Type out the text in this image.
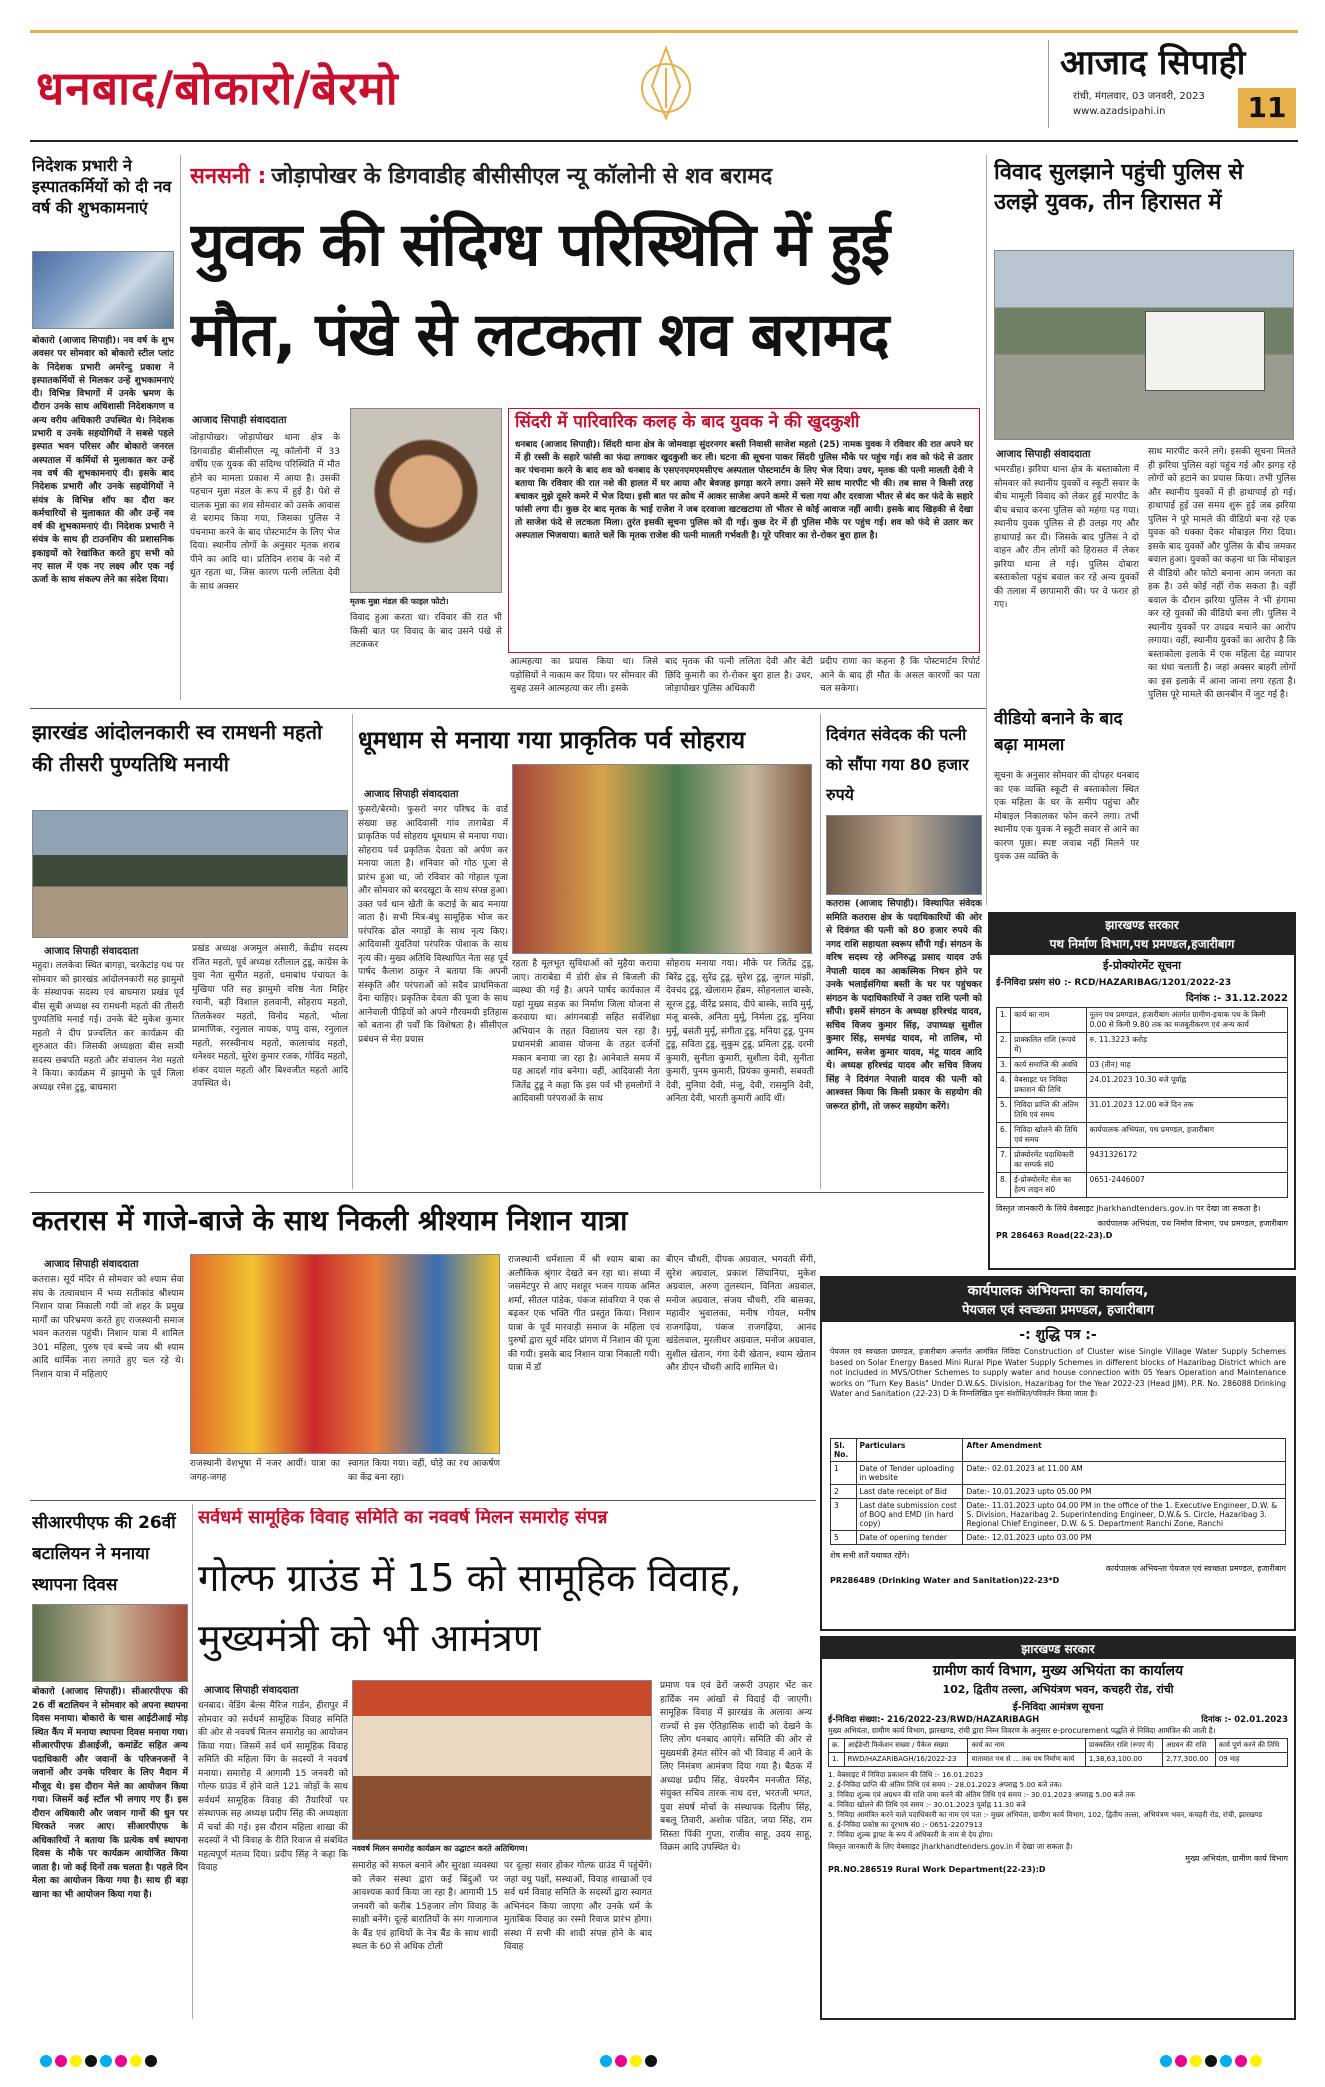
धनबाद/बोकारो/बेरमो	आजाद सिपाही
रांची, मंगलवार, 03 जनवरी, 2023
www.azadsipahi.in	11
निदेशक प्रभारी ने इस्पातकर्मियों को दी नव वर्ष की शुभकामनाएं
बोकारो (आजाद सिपाही)। नव वर्ष के शुभ अवसर पर सोमवार को बोकारो स्टील प्लांट के निदेशक प्रभारी अमरेन्दु प्रकाश ने इस्पातकर्मियों से मिलकर उन्हें शुभकामनाएं दी। विभिन्न विभागों में उनके भ्रमण के दौरान उनके साथ अधिशासी निदेशकगण व अन्य वरीय अधिकारी उपस्थित थे। निदेशक प्रभारी व उनके सहयोगियों ने सबसे पहले इस्पात भवन परिसर और बोकारो जनरल अस्पताल में कर्मियों से मुलाकात कर उन्हें नव वर्ष की शुभकामनाएं दी। इसके बाद निदेशक प्रभारी और उनके सहयोगियों ने संयंत्र के विभिन्न शॉप का दौरा कर कर्मचारियों से मुलाकात की और उन्हें नव वर्ष की शुभकामनाएं दी। निदेशक प्रभारी ने संयंत्र के साथ ही टाउनशिप की प्रशासनिक इकाइयों को रेखांकित करते हुए सभी को नए साल में एक नए लक्ष्य और एक नई ऊर्जा के साथ संकल्प लेने का संदेश दिया।
सनसनी : जोड़ापोखर के डिगवाडीह बीसीसीएल न्यू कॉलोनी से शव बरामद
युवक की संदिग्ध परिस्थिति में हुई मौत, पंखे से लटकता शव बरामद
आजाद सिपाही संवाददाता
जोड़ापोखर। जोड़ापोखर थाना क्षेत्र के डिगवाडीह बीसीसीएल न्यू कॉलोनी में 33 वर्षीय एक युवक की संदिग्ध परिस्थिति में मौत होने का मामला प्रकाश में आया है। उसकी पहचान मुन्ना मंडल के रूप में हुई है। पेशे से चालक मुन्ना का शव सोमवार को उसके आवास से बरामद किया गया, जिसका पुलिस ने पंचनामा करने के बाद पोस्टमार्टम के लिए भेज दिया। स्थानीय लोगों के अनुसार मृतक शराब पीने का आदि था। प्रतिदिन शराब के नशे में धुत रहता था, जिस कारण पत्नी ललिता देवी के साथ अक्सर
मृतक मुन्ना मंडल की फाइल फोटो।
विवाद हुआ करता था। रविवार की रात भी किसी बात पर विवाद के बाद उसने पंखे से लटककर
आत्महत्या का प्रयास किया था। जिसे पड़ोसियों ने नाकाम कर दिया। पर सोमवार की सुबह उसने आत्महत्या कर ली। इसके
बाद मृतक की पत्नी ललिता देवी और बेटी छिंदि कुमारी का रो-रोकर बुरा हाल है। उधर, जोड़ापोखर पुलिस अधिकारी
प्रदीप राणा का कहना है कि पोस्टमार्टम रिपोर्ट आने के बाद ही मौत के असल कारणों का पता चल सकेगा।
सिंदरी में पारिवारिक कलह के बाद युवक ने की खुदकुशी
धनबाद (आजाद सिपाही)। सिंदरी थाना क्षेत्र के जोमवाड़ा सुंदरनगर बस्ती निवासी साजेश महतो (25) नामक युवक ने रविवार की रात अपने घर में ही रस्सी के सहारे फांसी का फंदा लगाकर खुदकुशी कर ली। घटना की सूचना पाकर सिंदरी पुलिस मौके पर पहुंच गई। शव को फंदे से उतार कर पंचनामा करने के बाद शव को धनबाद के एसएनएमएमसीएच अस्पताल पोस्टमार्टम के लिए भेज दिया। उधर, मृतक की पत्नी मालती देवी ने बताया कि रविवार की रात नशे की हालत में घर आया और बेवजह झगड़ा करने लगा। उसने मेरे साथ मारपीट भी की। तब सास ने किसी तरह बचाकर मुझे दूसरे कमरे में भेज दिया। इसी बात पर क्रोध में आकर साजेश अपने कमरे में चला गया और दरवाजा भीतर से बंद कर फंदे के सहारे फांसी लगा दी। कुछ देर बाद मृतक के भाई राजेश ने जब दरवाजा खटखटाया तो भीतर से कोई आवाज नहीं आयी। इसके बाद खिड़की से देखा तो साजेश फंदे से लटकता मिला। तुरंत इसकी सूचना पुलिस को दी गई। कुछ देर में ही पुलिस मौके पर पहुंच गई। शव को फंदे से उतार कर अस्पताल भिजवाया। बताते चलें कि मृतक राजेश की पत्नी मालती गर्भवती है। पूरे परिवार का रो-रोकर बुरा हाल है।
विवाद सुलझाने पहुंची पुलिस से उलझे युवक, तीन हिरासत में
आजाद सिपाही संवाददाता
भमरडीह। झरिया थाना क्षेत्र के बस्ताकोला में सोमवार को स्थानीय युवकों व स्कूटी सवार के बीच मामूली विवाद को लेकर हुई मारपीट के बीच बचाव करना पुलिस को महंगा पड़ गया। स्थानीय युवक पुलिस से ही उलझ गए और हाथापाई कर दी। जिसके बाद पुलिस ने दो वाहन और तीन लोगों को हिरासत में लेकर झरिया थाना ले गई। पुलिस दोबारा बस्ताकोला पहुंच बवाल कर रहे अन्य युवकों की तलाश में छापामारी की। पर वे फरार हो गए।
वीडियो बनाने के बाद बढ़ा मामला
सूचना के अनुसार सोमवार की दोपहर धनबाद का एक व्यक्ति स्कूटी से बस्ताकोला स्थित एक महिला के घर के समीप पहुंचा और मोबाइल निकालकर फोन करने लगा। तभी स्थानीय एक युवक ने स्कूटी सवार से आने का कारण पूछा। स्पष्ट जवाब नहीं मिलने पर युवक उस व्यक्ति के
साथ मारपीट करने लगे। इसकी सूचना मिलते ही झरिया पुलिस वहां पहुंच गई और झगड़ रहे लोगों को हटाने का प्रयास किया। तभी पुलिस और स्थानीय युवकों में ही हाथापाई हो गई। हाथापाई हुई उस समय शुरू हुई जब झरिया पुलिस ने पूरे मामले की वीडियो बना रहे एक युवक को धक्का देकर मोबाइल गिरा दिया। इसके बाद युवकों और पुलिस के बीच जमकर बवाल हुआ। युवकों का कहना था कि मोबाइल से वीडियो और फोटो बनाना आम जनता का हक है। उसे कोई नहीं रोक सकता है। वहीं बवाल के दौरान झरिया पुलिस ने भी हंगामा कर रहे युवकों की वीडियो बना ली। पुलिस ने स्थानीय युवकों पर उपद्रव मचाने का आरोप लगाया। वहीं, स्थानीय युवकों का आरोप है कि बस्ताकोला इलाके में एक महिला देह व्यापार का धंधा चलाती है। जहां अक्सर बाहरी लोगों का इस इलाके में आना जाना लगा रहता है। पुलिस पूरे मामले की छानबीन में जुट गई है।
झारखंड आंदोलनकारी स्व रामधनी महतो की तीसरी पुण्यतिथि मनायी
आजाद सिपाही संवाददाता
महुदा। ललकेवा स्थित बागड़ा, चरकेटांड़ पथ पर सोमवार को झारखंड आंदोलनकारी सह झामुमो के संस्थापक सदस्य एवं बाघमारा प्रखंड पूर्व बीस सूत्री अध्यक्ष स्व रामधनी महतो की तीसरी पुण्यतिथि मनाई गई। उनके बेटे मुकेश कुमार महतो ने दीप प्रज्वलित कर कार्यक्रम की शुरुआत की। जिसकी अध्यक्षता बीस सत्र्यी सदस्य छबपति महतो और संचालन नेश महतो ने किया। कार्यक्रम में झामुमो के पूर्व जिला अध्यक्ष रमेश टुडू, बाघमारा
प्रखंड अध्यक्ष अजमुल अंसारी, केंद्रीय सदस्य रंजित महतो, पूर्व अध्यक्ष रतीलाल टुडू, कांग्रेस के युवा नेता सुमीत महतो, धमाबांध पंचायत के मुखिया पति सह झामुमो वरिष्ठ नेता मिहिर रवानी, बड़ी विशाल हलवानी, सोहराय महतो, तिलकेश्वर महतो, विनोद महतो, भोला प्रामाणिक, रनुलाल नायक, पप्पु दास, रनुलाल महतो, सरस्वीनाथ महतो, कालाचांद महतो, धनेश्वर महतो, सुरेश कुमार रजक, गोविंद महतो, शंकर दयाल महतो और बिश्वजीत महतो आदि उपस्थित थे।
धूमधाम से मनाया गया प्राकृतिक पर्व सोहराय
आजाद सिपाही संवाददाता
फुसरो/बेरमो। फुसरो नगर परिषद के वार्ड संख्या छह आदिवासी गांव ताराबेडा में प्राकृतिक पर्व सोहराय धूमधाम से मनाया गया। सोहराय पर्व प्रकृतिक देवता को अर्पण कर मनाया जाता है। शनिवार को गोठ पूजा से प्रारंभ हुआ था, जो रविवार को गोहाल पूजा और सोमवार को बरदखूटा के साथ संपन्न हुआ। उक्त पर्व धान खेती के कटाई के बाद मनाया जाता है। सभी मित्र-बंधु सामूहिक भोज कर परंपरिक ढोल नगाड़ों के साथ नृत्य किए। आदिवासी युवतियां परंपरिक पोशाक के साथ नृत्य की। मुख्य अतिथि विस्थापित नेता सह पूर्व पार्षद कैलाश ठाकुर ने बताया कि अपनी संस्कृति और परंपराओं को सदैव प्राथमिकता देना चाहिए। प्रकृतिक देवता की पूजा के साथ आनेवाली पीढ़ियों को अपने गौरवमयी इतिहास को बताना ही पर्वों कि विशेषता है। सीसीएल प्रबंधन से मेरा प्रयास
रहता है मूलभूत सुविधाओं को मुहैया कराया जाए। ताराबेडा में डोरी क्षेत्र से बिजली की व्यस्था की गई है। अपने पार्षद कार्यकाल में यहां मुख्य सड़क का निर्माण जिला योजना से करवाया था। आंगनबाड़ी सहित सर्वशिक्षा अभियान के तहत विद्यालय चल रहा है। प्रधानमंत्री आवास योजना के तहत दर्जनों मकान बनाया जा रहा है। आनेवाले समय में यह आदर्श गांव बनेगा। वहीं, आदिवासी नेता जितेंद्र टुडू ने कहा कि इस पर्व भी हमलोगों ने आदिवासी परंपराओं के साथ
सोहराय मनाया गया। मौके पर जितेंद्र टुडू, बिरेंद्र टुडू, सुरेंद्र टुडू, सुरेश टुडू, जुगल मांझी, देवचंद टुडू, खेलाराम हेंब्रम, सोहनलाल बास्के, सूरज टुडू, वीरेंद्र प्रसाद, दीपे बास्के, सावि मुर्मू, मंजू बास्के, अनिता मुर्मू, निर्मला टुडू, मुनिया मुर्मू, बसंती मुर्मू, संगीता टुडू, मनिया टुडू, पुनम टुडू, सविता टुडू, सुकुम टुडू, प्रमिला टुडू, दरमी कुमारी, सुनीता कुमारी, सुशीला देवी, सुनीता कुमारी, पुनम कुमारी, प्रियंका कुमारी, सबवती देवी, मुनिया देवी, मंजू, देवी, रासमुनि देवी, अनिता देवी, भारती कुमारी आदि थीं।
दिवंगत संवेदक की पत्नी को सौंपा गया 80 हजार रुपये
कतरास (आजाद सिपाही)। विस्थापित संवेदक समिति कतरास क्षेत्र के पदाधिकारियों की ओर से दिवंगत की पत्नी को 80 हजार रुपये की नगद राशि सहायता स्वरूप सौंपी गई। संगठन के वरिष सदस्य रहे अनिरुद्ध प्रसाद यादव उर्फ नेपाली यादव का आकस्मिक निधन होने पर उनके भलाईसंगिया बस्ती के घर पर पहुंचकर संगठन के पदाधिकारियों ने उक्त राशि पत्नी को सौंपी। इसमें संगठन के अध्यक्ष हरिश्चंद्र यादव, सचिव विजय कुमार सिंह, उपाध्यक्ष सुशील कुमार सिंह, समचंद्र यादव, मो तालिब, मो आमिन, सजेश कुमार यादव, मंटू यादव आदि थे। अध्यक्ष हरिश्चंद्र यादव और सचिव विजय सिंह ने दिवंगत नेपाली यादव की पत्नी को आश्वस्त किया कि किसी प्रकार के सहयोग की जरूरत होगी, तो जरूर सहयोग करेंगे।
झारखण्ड सरकार
पथ निर्माण विभाग,पथ प्रमण्डल,हजारीबाग
ई-प्रोक्योरमेंट सूचना
ई-निविदा प्रसंग सं0 :- RCD/HAZARIBAG/1201/2022-23
दिनांक :- 31.12.2022
1.	कार्य का नाम	नूतन पथ प्रमण्डल, हजारीबाग अंतर्गत ग्रामीण-इचाक पथ के किमी 0.00 से किमी 9.80 तक का मजबूतीकरण एवं अन्य कार्य
2.	प्राक्कलित राशि (रूपये में)	रु. 11.3223 करोड़
3.	कार्य समाप्ति की अवधि	03 (तीन) माह
4.	वेबसाइट पर निविदा प्रकाशन की तिथि	24.01.2023 10.30 बजे पूर्वाह्न
5.	निविदा प्राप्ति की अंतिम तिथि एवं समय	31.01.2023 12.00 बजे दिन तक
6.	निविदा खोलने की तिथि एवं समय	कार्यपालक अभियंता, पथ प्रमण्डल, हजारीबाग
7.	प्रोक्योरमेंट पदाधिकारी का सम्पर्क सं0	9431326172
8.	ई-प्रोक्योरमेंट सेल का हेल्प लाइन सं0	0651-2446007
विस्तृत जानकारी के लिये वेबसाइट jharkhandtenders.gov.in पर देखा जा सकता है।
कार्यपालक अभियंता, पथ निर्माण विभाग, पथ प्रमण्डल, हजारीबाग
PR 286463 Road(22-23).D
कतरास में गाजे-बाजे के साथ निकली श्रीश्याम निशान यात्रा
आजाद सिपाही संवाददाता
कतरास। सूर्य मंदिर से सोमवार को श्याम सेवा संघ के तत्वावधान में भव्य सतीकांड श्रीश्याम निशान यात्रा निकाली गयी जो शहर के प्रमुख मार्गों का परिभ्रमण करते हुए राजस्थानी समाज भवन कतरास पहुंची। निशान यात्रा में शामिल 301 महिला, पुरुष एवं बच्चे जय श्री श्याम आदि धार्मिक नारा लगाते हुए चल रहे थे। निशान यात्रा में महिलाएं
राजस्थानी वेशभूषा में नजर आयीं। यात्रा का जगह-जगह
स्वागत किया गया। वहीं, घोड़े का रथ आकर्षण का केंद्र बना रहा।
राजस्थानी धर्मशाला में श्री श्याम बाबा का अलौकिक श्रृंगार देखते बन रहा था। संध्या में जसमेटपुर से आए मशहूर भजन गायक अमित शर्मा, सीतल पांडेक, पंकज सांवरिया ने एक से बढ़कर एक भक्ति गीत प्रस्तुत किया। निशान यात्रा के पूर्व मारवाड़ी समाज के महिला एवं पुरुषों द्वारा सूर्य मंदिर प्रांगण में निशान की पूजा की गयी। इसके बाद निशान यात्रा निकाली गयी। यात्रा में डॉ
बीएन चौधरी, दीपक अग्रवाल, भगवती सेंगी, सुरेश अग्रवाल, प्रकाश सिंघानिया, मुकेश अग्रवाल, अरुण तुलस्यान, विनिता अग्रवाल, मनोज अग्रवाल, संजय चौधरी, रवि बासका, महावीर भुवालका, मनीष गोयल, मनीष राजगढ़िया, पंकज राजगढ़िया, आनंद खंडेलवाल, मुरलीधर अग्रवाल, मनोज अग्रवाल, सुशील खेतान, गंगा देवी खेतान, श्याम खेतान और डीएन चौधरी आदि शामिल थे।
कार्यपालक अभियन्ता का कार्यालय,
पेयजल एवं स्वच्छता प्रमण्डल, हजारीबाग
-: शुद्धि पत्र :-
पेयजल एवं स्वच्छता प्रमण्डल, हजारीबाग अन्तर्गत आमंत्रित निविदा Construction of Cluster wise Single Village Water Supply Schemes based on Solar Energy Based Mini Rural Pipe Water Supply Schemes in different blocks of Hazaribag District which are not included in MVS/Other Schemes to supply water and house connection with 05 Years Operation and Maintenance works on "Turn Key Basis" Under D.W.&S. Division, Hazaribag for the Year 2022-23 (Head JJM). P.R. No. 286088 Drinking Water and Sanitation (22-23) D के निम्नलिखित पुनः संशोधित/परिवर्तन किया जाता है।
Sl. No.	Particulars	After Amendment
1	Date of Tender uploading in website	Date:- 02.01.2023 at 11.00 AM
2	Last date receipt of Bid	Date:- 10.01.2023 upto 05.00 PM
3	Last date submission cost of BOQ and EMD (in hard copy)	Date:- 11.01.2023 upto 04.00 PM in the office of the 1. Executive Engineer, D.W. & S. Division, Hazaribag 2. Superintending Engineer, D.W.& S. Circle, Hazaribag 3. Regional Chief Engineer, D.W. & S. Department Ranchi Zone, Ranchi
5	Date of opening tender	Date:- 12.01.2023 upto 03.00 PM
शेष सभी शर्तें यथावत रहेंगे।
कार्यपालक अभियन्ता पेयजल एवं स्वच्छता प्रमण्डल, हजारीबाग
PR286489 (Drinking Water and Sanitation)22-23*D
सीआरपीएफ की 26वीं बटालियन ने मनाया स्थापना दिवस
बोकारो (आजाद सिपाही)। सीआरपीएफ की 26 वीं बटालियन ने सोमवार को अपना स्थापना दिवस मनाया। बोकारो के चास आईटीआई मोड़ स्थित कैंप में मनाया स्थापना दिवस मनाया गया। सीआरपीएफ डीआईजी, कमांडेंट सहित अन्य पदाधिकारी और जवानों के परिजनजनों ने जवानों और उनके परिवार के लिए मैदान में मौजूद थे। इस दौरान मेले का आयोजन किया गया। जिसमें कई स्टॉल भी लगाए गए हैं। इस दौरान अधिकारी और जवान गानों की धुन पर थिरकते नजर आए। सीआरपीएफ के अधिकारियों ने बताया कि प्रत्येक वर्ष स्थापना दिवस के मौके पर कार्यक्रम आयोजित किया जाता है। जो कई दिनों तक चलता है। पहले दिन मेला का आयोजन किया गया है। साथ ही बड़ा खाना का भी आयोजन किया गया है।
सर्वधर्म सामूहिक विवाह समिति का नववर्ष मिलन समारोह संपन्न
गोल्फ ग्राउंड में 15 को सामूहिक विवाह, मुख्यमंत्री को भी आमंत्रण
आजाद सिपाही संवाददाता
धनबाद। वेडिंग बेल्स मैरिज गार्डन, हीरापुर में सोमवार को सर्वधर्म सामूहिक विवाह समिति की ओर से नववर्ष मिलन समारोह का आयोजन किया गया। जिसमें सर्व धर्म सामूहिक विवाह समिति की महिला विंग के सदस्यों ने नववर्ष मनाया। समारोह में आगामी 15 जनवरी को गोल्फ ग्राउंड में होने वाले 121 जोड़ों के साथ सर्वधर्म सामूहिक विवाह की तैयारियों पर संस्थापक सह अध्यक्ष प्रदीप सिंह की अध्यक्षता में चर्चा की गई। इस दौरान महिला शाखा की सदस्यों ने भी विवाह के रीति रिवाज से संबंधित महत्वपूर्ण मंतव्य दिया। प्रदीप सिंह ने कहा कि विवाह
नववर्ष मिलन समारोह कार्यक्रम का उद्घाटन करते अतिथिगण।
समारोह को सफल बनाने और सुरक्षा व्यवस्था को लेकर संस्था द्वारा कई बिंदुओं पर आवश्यक कार्य किया जा रहा है। आगामी 15 जनवरी को करीब 15हजार लोग विवाह के साक्षी बनेंगे। दूल्हे बारातियों के संग गाजागाज के बैंड एवं हाथियों के नेत्र बैंड के साथ शादी स्थल के 60 से अधिक टोली
पर दूल्हा सवार होकर गोल्फ ग्राउंड में पहुंचेंगे। जहां वधु पक्षों, सस्थाओं, विवाह शाखाओं एवं सर्व धर्म विवाह समिति के सदस्यों द्वारा स्वागत अभिनंदन किया जाएगा और उनके धर्म के मुताबिक विवाह का रस्मो रिवाज प्रारंभ होगा। संस्था में सभी की शादी संपन्न होने के बाद विवाह
प्रमाण पत्र एवं ढेरों जरूरी उपहार भेंट कर हार्दिक नम आंखों से विदाई दी जाएगी। सामूहिक विवाह में झारखंड के अलावा अन्य राज्यों से इस ऐतिहासिक शादी को देखने के लिए लोग धनबाद आएंगे। समिति की ओर से मुख्यमंत्री हेमंत सोरेन को भी विवाह में आने के लिए निमंत्रण आमंत्रण दिया गया है। बैठक में अध्यक्ष प्रदीप सिंह, चेयरमैन मनजीत सिंह, संयुक्त सचिव तारक नाथ दत्त, भरतजी भगत, युवा संघर्ष मोर्चा के संस्थापक दिलीप सिंह, बबलू तिवारी, अशोक पंडित, जया सिंह, राम सिस्ता पिंकी गुप्ता, राजीव साहू, उदय साहू, विक्रम आदि उपस्थित थे।
झारखण्ड सरकार
ग्रामीण कार्य विभाग, मुख्य अभियंता का कार्यालय
102, द्वितीय तल्ला, अभियंत्रण भवन, कचहरी रोड, रांची
ई-निविदा आमंत्रण सूचना
ई-निविदा संख्या:- 216/2022-23/RWD/HAZARIBAGH	दिनांक :- 02.01.2023
मुख्य अभियंता, ग्रामीण कार्य विभाग, झारखण्ड, रांची द्वारा निम्न विवरण के अनुसार e-procurement पद्धति से निविदा आमंत्रित की जाती है।
क्र.	आईडेन्टी फिकेशन संख्या / पैकेज संख्या	कार्य का नाम	प्राक्कलित राशि (रुपए में)	अग्रधन की राशि	कार्य पूर्ण करने की तिथि
1.	RWD/HAZARIBAGH/16/2022-23	यातायात पथ से ... तक पथ निर्माण कार्य	1,38,63,100.00	2,77,300.00	09 माह
1. वेबसाइट में निविदा प्रकाशन की तिथि :- 16.01.2023
2. ई-निविदा प्राप्ति की अंतिम तिथि एवं समय :- 28.01.2023 अपराह्न 5.00 बजे तक।
3. निविदा शुल्क एवं अग्रधन की राशि जमा करने की अंतिम तिथि एवं समय :- 30.01.2023 अपराह्न 5.00 बजे तक
4. निविदा खोलने की तिथि एवं समय :- 30.01.2023 पूर्वाह्न 11.30 बजे
5. निविदा आमंत्रित करने वाले पदाधिकारी का नाम एवं पता :- मुख्य अभियंता, ग्रामीण कार्य विभाग, 102, द्वितीय तल्ला, अभियंत्रण भवन, कचहरी रोड, रांची, झारखण्ड
6. ई-निविदा प्रकोष्ठ का दूरभाष सं0 :- 0651-2207913
7. निविदा शुल्क ड्राफ्ट के रूप में अधिकारी के नाम से देय होगा।
विस्तृत जानकारी के लिए वेबसाइट jharkhandtenders.gov.in में देखा जा सकता है।
मुख्य अभियंता, ग्रामीण कार्य विभाग
PR.NO.286519 Rural Work Department(22-23):D
